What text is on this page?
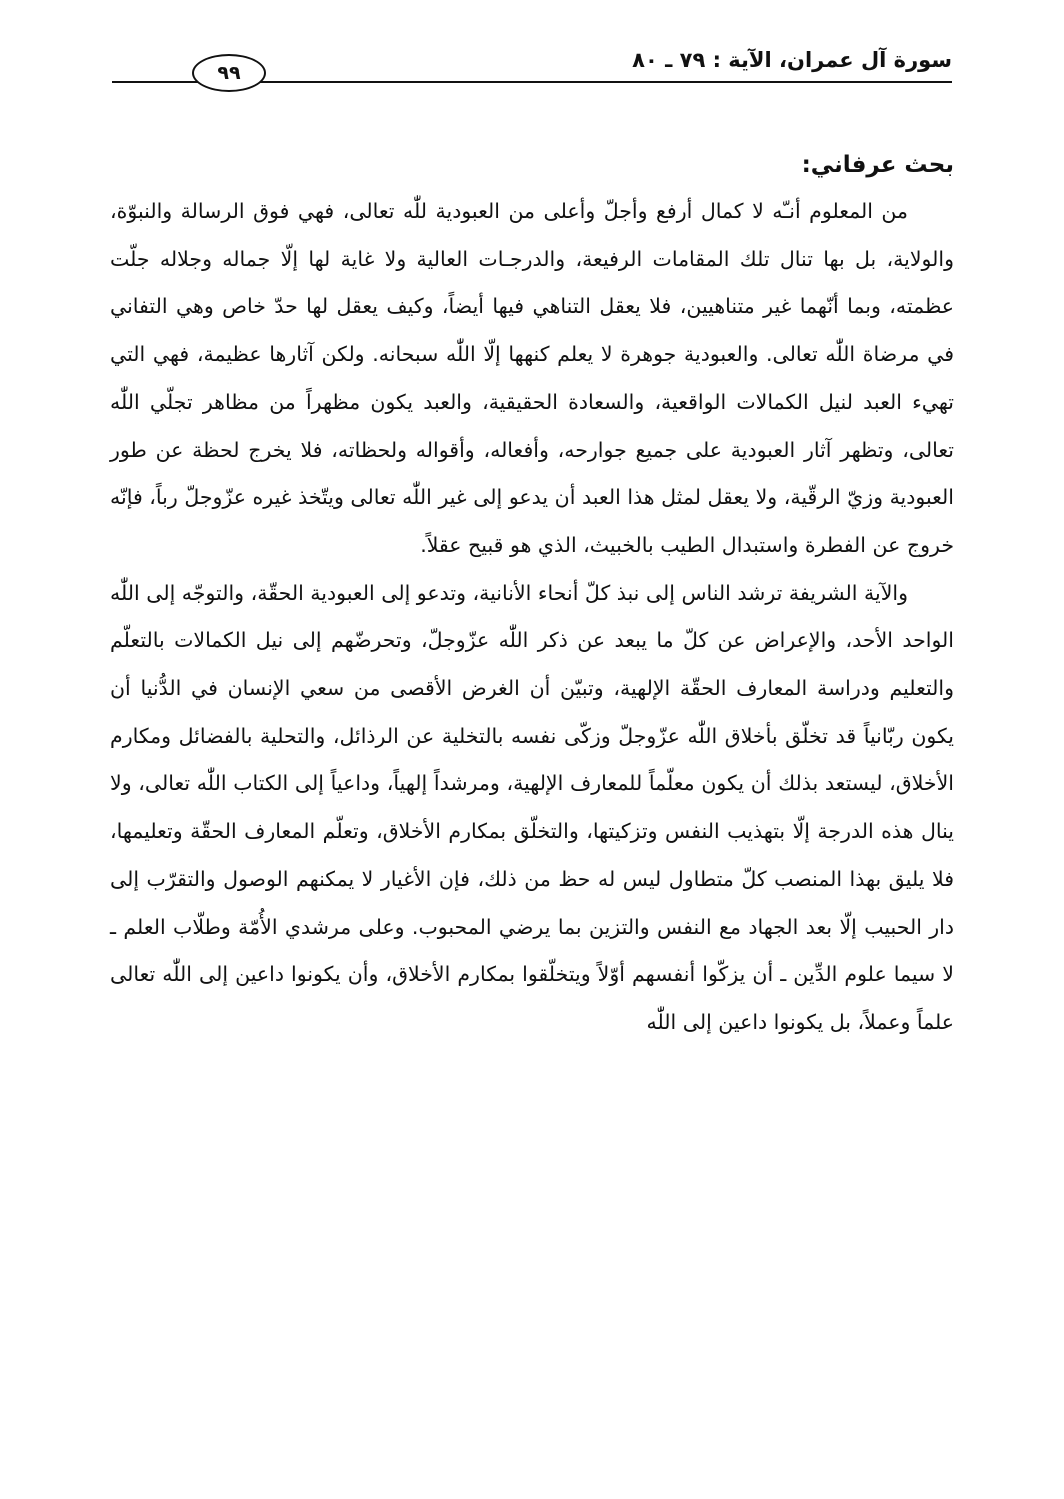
سورة آل عمران، الآية : ٧٩ ـ ٨٠
٩٩
بحث عرفاني:

من المعلوم أنـّه لا كمال أرفع وأجلّ وأعلى من العبودية للّٰه تعالى، فهي فوق الرسالة والنبوّة، والولاية، بل بها تنال تلك المقامات الرفيعة، والدرجـات العالية ولا غاية لها إلّا جماله وجلاله جلّت عظمته، وبما أنّهما غير متناهيين، فلا يعقل التناهي فيها أيضاً، وكيف يعقل لها حدّ خاص وهي التفاني في مرضاة اللّٰه تعالى. والعبودية جوهرة لا يعلم كنهها إلّا اللّٰه سبحانه. ولكن آثارها عظيمة، فهي التي تهيء العبد لنيل الكمالات الواقعية، والسعادة الحقيقية، والعبد يكون مظهراً من مظاهر تجلّي اللّٰه تعالى، وتظهر آثار العبودية على جميع جوارحه، وأفعاله، وأقواله ولحظاته، فلا يخرج لحظة عن طور العبودية وزيّ الرقّية، ولا يعقل لمثل هذا العبد أن يدعو إلى غير اللّٰه تعالى ويتّخذ غيره عزّوجلّ رباً، فإنّه خروج عن الفطرة واستبدال الطيب بالخبيث، الذي هو قبيح عقلاً.

والآية الشريفة ترشد الناس إلى نبذ كلّ أنحاء الأنانية، وتدعو إلى العبودية الحقّة، والتوجّه إلى اللّٰه الواحد الأحد، والإعراض عن كلّ ما يبعد عن ذكر اللّٰه عزّوجلّ، وتحرضّهم إلى نيل الكمالات بالتعلّم والتعليم ودراسة المعارف الحقّة الإلهية، وتبيّن أن الغرض الأقصى من سعي الإنسان في الدُّنيا أن يكون ربّانياً قد تخلّق بأخلاق اللّٰه عزّوجلّ وزكّى نفسه بالتخلية عن الرذائل، والتحلية بالفضائل ومكارم الأخلاق، ليستعد بذلك أن يكون معلّماً للمعارف الإلهية، ومرشداً إلهياً، وداعياً إلى الكتاب اللّٰه تعالى، ولا ينال هذه الدرجة إلّا بتهذيب النفس وتزكيتها، والتخلّق بمكارم الأخلاق، وتعلّم المعارف الحقّة وتعليمها، فلا يليق بهذا المنصب كلّ متطاول ليس له حظ من ذلك، فإن الأغيار لا يمكنهم الوصول والتقرّب إلى دار الحبيب إلّا بعد الجهاد مع النفس والتزين بما يرضي المحبوب. وعلى مرشدي الأُمّة وطلّاب العلم ـ لا سيما علوم الدِّين ـ أن يزكّوا أنفسهم أوّلاً ويتخلّقوا بمكارم الأخلاق، وأن يكونوا داعين إلى اللّٰه تعالى علماً وعملاً، بل يكونوا داعين إلى اللّٰه
